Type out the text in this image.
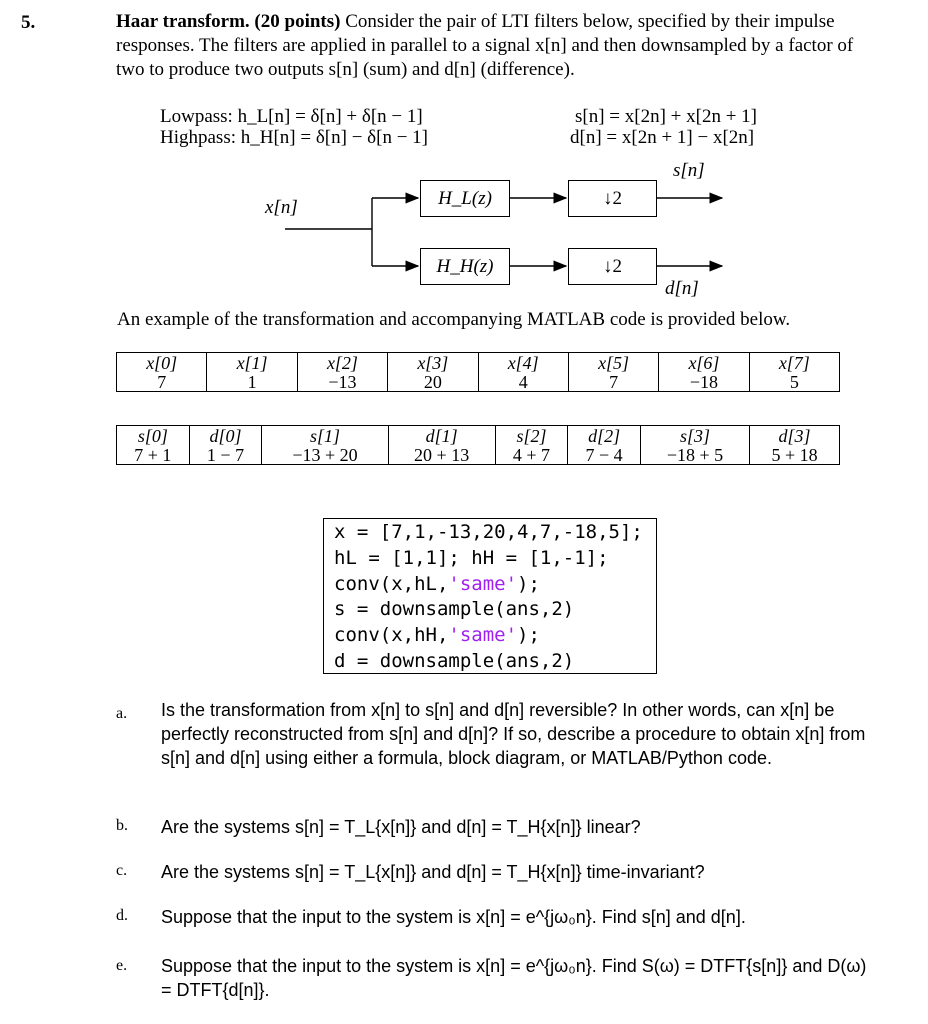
5.	Haar transform. (20 points) Consider the pair of LTI filters below, specified by their impulse responses. The filters are applied in parallel to a signal x[n] and then downsampled by a factor of two to produce two outputs s[n] (sum) and d[n] (difference).
Lowpass: h_L[n] = δ[n] + δ[n − 1]
Highpass: h_H[n] = δ[n] − δ[n − 1]
s[n] = x[2n] + x[2n + 1]
d[n] = x[2n + 1] − x[2n]
x[n]	H_L(z)
H_H(z)
↓2
↓2
s[n]
d[n]
An example of the transformation and accompanying MATLAB code is provided below.
x[0]	x[1]	x[2]	x[3]	x[4]	x[5]	x[6]	x[7]
7	1	−13	20	4	7	−18	5
s[0]	d[0]	s[1]	d[1]	s[2]	d[2]	s[3]	d[3]
7 + 1	1 − 7	−13 + 20	20 + 13	4 + 7	7 − 4	−18 + 5	5 + 18
x = [7,1,-13,20,4,7,-18,5];
hL = [1,1]; hH = [1,-1];
conv(x,hL,'same');
s = downsample(ans,2)
conv(x,hH,'same');
d = downsample(ans,2)
a. Is the transformation from x[n] to s[n] and d[n] reversible? In other words, can x[n] be perfectly reconstructed from s[n] and d[n]? If so, describe a procedure to obtain x[n] from s[n] and d[n] using either a formula, block diagram, or MATLAB/Python code.
b. Are the systems s[n] = T_L{x[n]} and d[n] = T_H{x[n]} linear?
c. Are the systems s[n] = T_L{x[n]} and d[n] = T_H{x[n]} time-invariant?
d. Suppose that the input to the system is x[n] = e^{jω₀n}. Find s[n] and d[n].
e. Suppose that the input to the system is x[n] = e^{jω₀n}. Find S(ω) = DTFT{s[n]} and D(ω) = DTFT{d[n]}.
